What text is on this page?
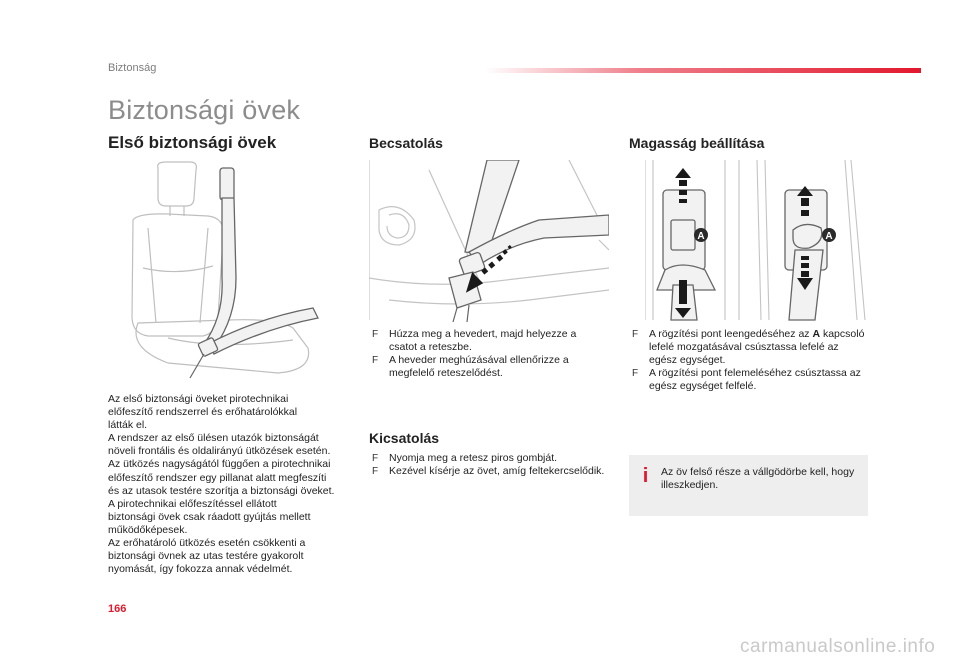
Biztonság
Biztonsági övek
Első biztonsági övek

Az első biztonsági öveket pirotechnikai

előfeszítő rendszerrel és erőhatárolókkal

látták el.

A rendszer az első ülésen utazók biztonságát

növeli frontális és oldalirányú ütközések esetén.

Az ütközés nagyságától függően a pirotechnikai

előfeszítő rendszer egy pillanat alatt megfeszíti

és az utasok testére szorítja a biztonsági öveket.

A pirotechnikai előfeszítéssel ellátott

biztonsági övek csak ráadott gyújtás mellett

működőképesek.

Az erőhatároló ütközés esetén csökkenti a

biztonsági övnek az utas testére gyakorolt

nyomását, így fokozza annak védelmét.

Becsatolás
F Húzza meg a hevedert, majd helyezze a csatot a reteszbe.
F A heveder meghúzásával ellenőrizze a megfelelő reteszelődést.
Kicsatolás
F Nyomja meg a retesz piros gombját.
F Kezével kísérje az övet, amíg feltekercselődik.
Magasság beállítása
A	A
F A rögzítési pont leengedéséhez az A kapcsoló lefelé mozgatásával csúsztassa lefelé az egész egységet.
F A rögzítési pont felemeléséhez csúsztassa az egész egységet felfelé.
i Az öv felső része a vállgödörbe kell, hogy illeszkedjen.
166
carmanualsonline.info
